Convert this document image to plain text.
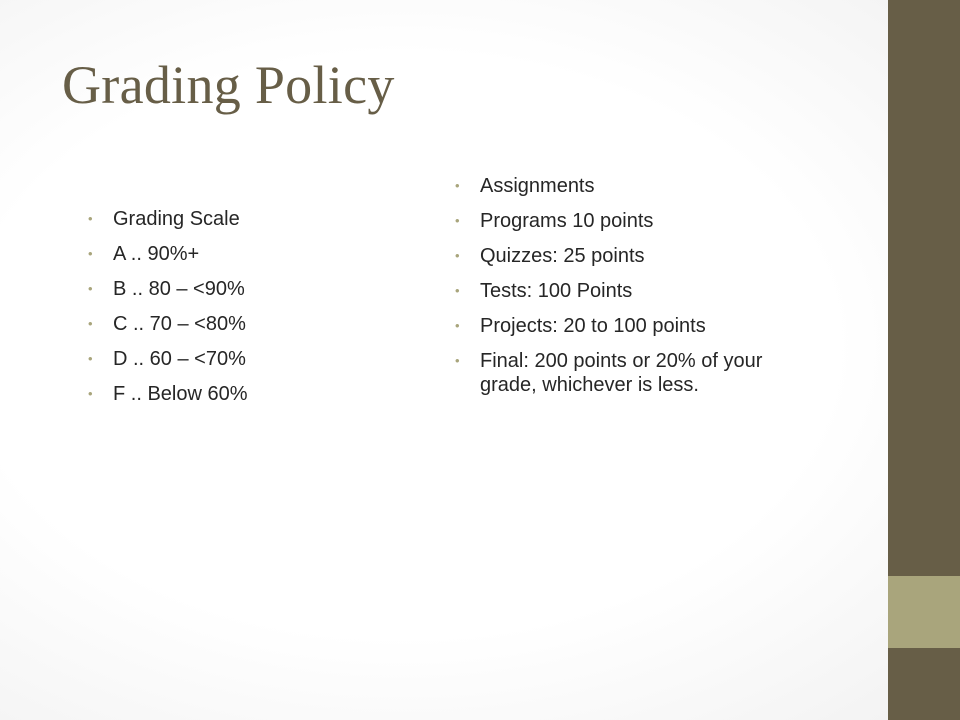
Grading Policy
•	Grading Scale
•	A .. 90%+
•	B .. 80 – <90%
•	C .. 70 – <80%
•	D .. 60 – <70%
•	F .. Below 60%
•	Assignments
•	Programs 10 points
•	Quizzes: 25 points
•	Tests: 100 Points
•	Projects: 20 to 100 points
•	Final: 200 points or 20% of your grade, whichever is less.
